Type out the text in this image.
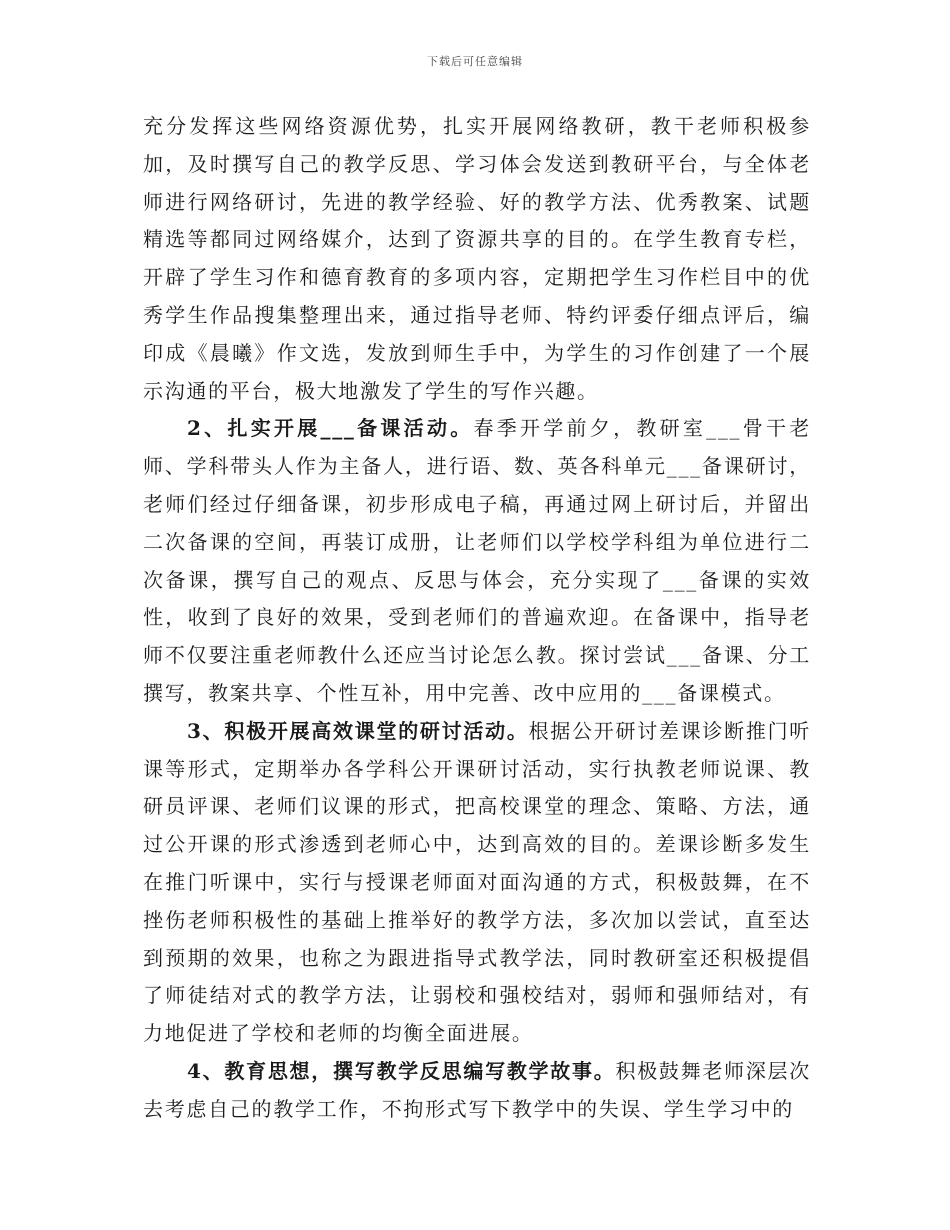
下载后可任意编辑

充分发挥这些网络资源优势，扎实开展网络教研，教干老师积极参加，及时撰写自己的教学反思、学习体会发送到教研平台，与全体老师进行网络研讨，先进的教学经验、好的教学方法、优秀教案、试题精选等都同过网络媒介，达到了资源共享的目的。在学生教育专栏，开辟了学生习作和德育教育的多项内容，定期把学生习作栏目中的优秀学生作品搜集整理出来，通过指导老师、特约评委仔细点评后，编印成《晨曦》作文选，发放到师生手中，为学生的习作创建了一个展示沟通的平台，极大地激发了学生的写作兴趣。

2、扎实开展___备课活动。春季开学前夕，教研室___骨干老师、学科带头人作为主备人，进行语、数、英各科单元___备课研讨，老师们经过仔细备课，初步形成电子稿，再通过网上研讨后，并留出二次备课的空间，再装订成册，让老师们以学校学科组为单位进行二次备课，撰写自己的观点、反思与体会，充分实现了___备课的实效性，收到了良好的效果，受到老师们的普遍欢迎。在备课中，指导老师不仅要注重老师教什么还应当讨论怎么教。探讨尝试___备课、分工撰写，教案共享、个性互补，用中完善、改中应用的___备课模式。

3、积极开展高效课堂的研讨活动。根据公开研讨差课诊断推门听课等形式，定期举办各学科公开课研讨活动，实行执教老师说课、教研员评课、老师们议课的形式，把高校课堂的理念、策略、方法，通过公开课的形式渗透到老师心中，达到高效的目的。差课诊断多发生在推门听课中，实行与授课老师面对面沟通的方式，积极鼓舞，在不挫伤老师积极性的基础上推举好的教学方法，多次加以尝试，直至达到预期的效果，也称之为跟进指导式教学法，同时教研室还积极提倡了师徒结对式的教学方法，让弱校和强校结对，弱师和强师结对，有力地促进了学校和老师的均衡全面进展。

4、教育思想，撰写教学反思编写教学故事。积极鼓舞老师深层次去考虑自己的教学工作，不拘形式写下教学中的失误、学生学习中的
